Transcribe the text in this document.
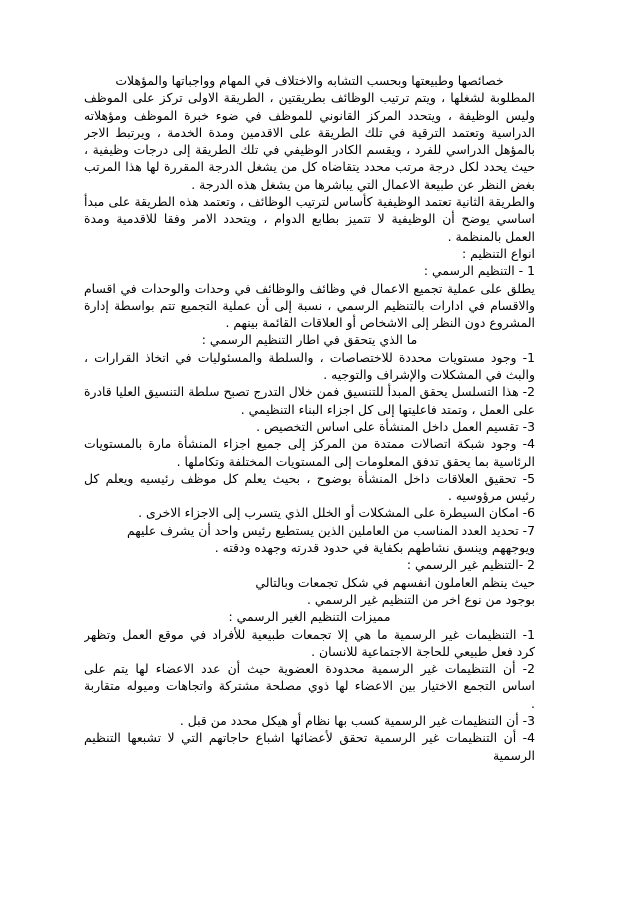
خصائصها وطبيعتها وبحسب التشابه والاختلاف في المهام وواجباتها والمؤهلات
المطلوبة لشغلها ، ويتم ترتيب الوظائف بطريقتين ، الطريقة الاولى تركز على الموظف
وليس الوظيفة ، ويتحدد المركز القانوني للموظف في ضوء خبرة الموظف ومؤهلاته
الدراسية وتعتمد الترقية في تلك الطريقة على الاقدمين ومدة الخدمة ، ويرتبط الاجر
بالمؤهل الدراسي للفرد ، ويقسم الكادر الوظيفي في تلك الطريقة إلى درجات وظيفية ،
حيث يحدد لكل درجة مرتب محدد يتقاضاه كل من يشغل الدرجة المقررة لها هذا المرتب
بغض النظر عن طبيعة الاعمال التي يباشرها من يشغل هذه الدرجة .
والطريقة الثانية تعتمد الوظيفية كأساس لترتيب الوظائف ، وتعتمد هذه الطريقة على مبدأ
اساسي يوضح أن الوظيفية لا تتميز بطابع الدوام ، ويتحدد الامر وفقا للاقدمية ومدة
العمل بالمنظمة .
انواع التنظيم :
1 - التنظيم الرسمي :
يطلق على عملية تجميع الاعمال في وظائف والوظائف في وحدات والوحدات في اقسام
والاقسام في ادارات بالتنظيم الرسمي ، نسبة إلى أن عملية التجميع تتم بواسطة إدارة
المشروع دون النظر إلى الاشخاص أو العلاقات القائمة بينهم .
ما الذي يتحقق في اطار التنظيم الرسمي :
1- وجود مستويات محددة للاختصاصات ، والسلطة والمسئوليات في اتخاذ القرارات ،
والبث في المشكلات والإشراف والتوجيه .
2- هذا التسلسل يحقق المبدأ للتنسيق فمن خلال التدرج تصبح سلطة التنسيق العليا قادرة
على العمل ، وتمتد فاعليتها إلى كل اجزاء البناء التنظيمي .
3- تقسيم العمل داخل المنشأة على اساس التخصيص .
4- وجود شبكة اتصالات ممتدة من المركز إلى جميع اجزاء المنشأة مارة بالمستويات
الرئاسية بما يحقق تدفق المعلومات إلى المستويات المختلفة وتكاملها .
5- تحقيق العلاقات داخل المنشأة بوضوح ، بحيث يعلم كل موظف رئيسيه ويعلم كل
رئيس مرؤوسيه .
6- امكان السيطرة على المشكلات أو الخلل الذي يتسرب إلى الاجزاء الاخرى .
7- تحديد العدد المناسب من العاملين الذين يستطيع رئيس واحد أن يشرف عليهم
ويوجههم وينسق نشاطهم بكفاية في حدود قدرته وجهده ودقته .
2 -التنظيم غير الرسمي :
حيث ينظم العاملون انفسهم في شكل تجمعات وبالتالي
بوجود من نوع اخر من التنظيم غير الرسمي .
مميزات التنظيم الغير الرسمي :
1- التنظيمات غير الرسمية ما هي إلا تجمعات طبيعية للأفراد في موقع العمل وتظهر
كرد فعل طبيعي للحاجة الاجتماعية للانسان .
2- أن التنظيمات غير الرسمية محدودة العضوية حيث أن عدد الاعضاء لها يتم على
اساس التجمع الاختيار بين الاعضاء لها ذوي مصلحة مشتركة واتجاهات وميوله متقاربة
.
3- أن التنظيمات غير الرسمية كسب بها نظام أو هيكل محدد من قبل .
4- أن التنظيمات غير الرسمية تحقق لأعضائها اشباع حاجاتهم التي لا تشبعها التنظيم
الرسمية
